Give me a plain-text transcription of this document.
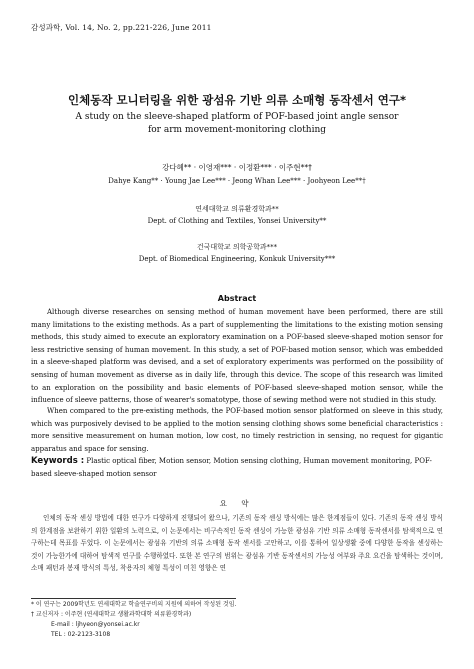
감성과학, Vol. 14, No. 2, pp.221-226, June 2011
인체동작 모니터링을 위한 광섬유 기반 의류 소매형 동작센서 연구*
A study on the sleeve-shaped platform of POF-based joint angle sensor
for arm movement-monitoring clothing
강다혜** · 이영재*** · 이정환*** · 이주현**†
Dahye Kang** · Young Jae Lee*** · Jeong Whan Lee*** · Joohyeon Lee**†
연세대학교 의류환경학과**
Dept. of Clothing and Textiles, Yonsei University**
건국대학교 의학공학과***
Dept. of Biomedical Engineering, Konkuk University***
Abstract

Although diverse researches on sensing method of human movement have been performed, there are still many limitations to the existing methods. As a part of supplementing the limitations to the existing motion sensing methods, this study aimed to execute an exploratory examination on a POF-based sleeve-shaped motion sensor for less restrictive sensing of human movement. In this study, a set of POF-based motion sensor, which was embedded in a sleeve-shaped platform was devised, and a set of exploratory experiments was performed on the possibility of sensing of human movement as diverse as in daily life, through this device. The scope of this research was limited to an exploration on the possibility and basic elements of POF-based sleeve-shaped motion sensor, while the influence of sleeve patterns, those of wearer's somatotype, those of sewing method were not studied in this study.

When compared to the pre-existing methods, the POF-based motion sensor platformed on sleeve in this study, which was purposively devised to be applied to the motion sensing clothing shows some beneficial characteristics : more sensitive measurement on human motion, low cost, no timely restriction in sensing, no request for gigantic apparatus and space for sensing.

Keywords : Plastic optical fiber, Motion sensor, Motion sensing clothing, Human movement monitoring, POF-based sleeve-shaped motion sensor
요 약

인체의 동작 센싱 방법에 대한 연구가 다양하게 진행되어 왔으나, 기존의 동작 센싱 방식에는 많은 한계점들이 있다. 기존의 동작 센싱 방식의 한계점을 보완하기 위한 일환의 노력으로, 이 논문에서는 비구속적인 동작 센싱이 가능한 광섬유 기반 의류 소매형 동작센서를 탐색적으로 연구하는데 목표를 두었다. 이 논문에서는 광섬유 기반의 의류 소매형 동작 센서를 고안하고, 이를 통하여 일상생활 중에 다양한 동작을 센싱하는 것이 가능한가에 대하여 탐색적 연구를 수행하였다. 또한 본 연구의 범위는 광섬유 기반 동작센서의 가능성 여부와 주요 요건을 탐색하는 것이며, 소매 패턴과 봉재 방식의 특성, 착용자의 체형 특성이 미친 영향은 연

* 이 연구는 2009학년도 연세대학교 학술연구비의 지원에 의하여 작성된 것임.
† 교신저자 : 이주현 (연세대학교 생활과학대학 의류환경학과)
E-mail : ljhyeon@yonsei.ac.kr
TEL : 02-2123-3108
